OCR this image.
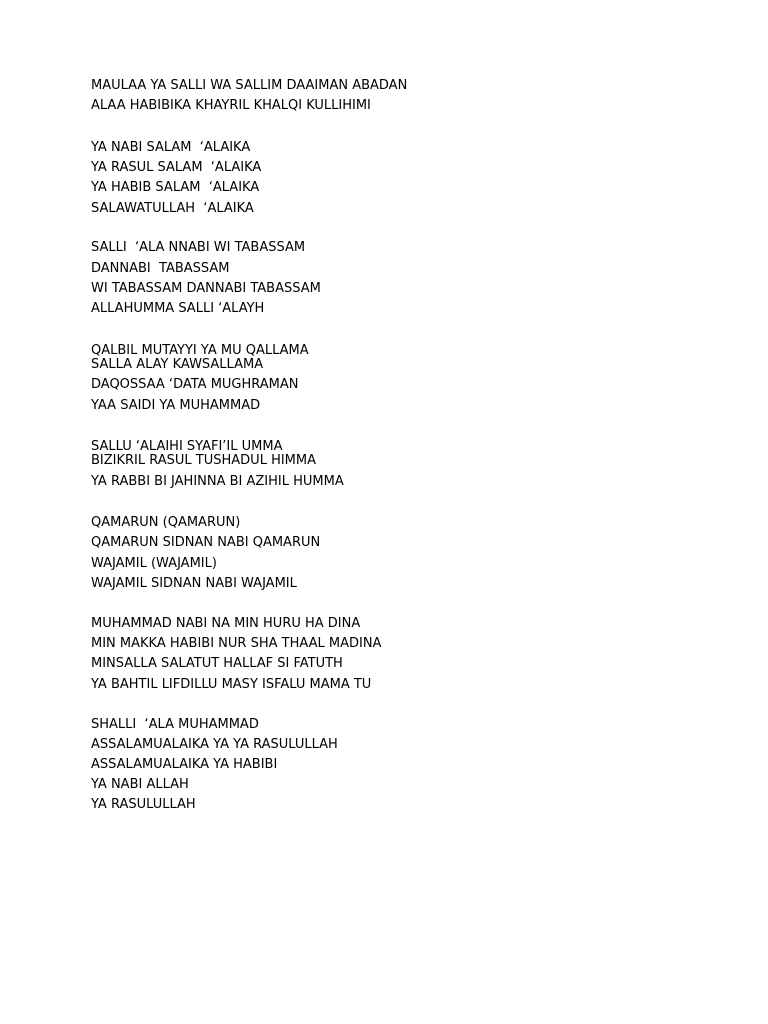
MAULAA YA SALLI WA SALLIM DAAIMAN ABADAN
ALAA HABIBIKA KHAYRIL KHALQI KULLIHIMI
YA NABI SALAM  ‘ALAIKA
YA RASUL SALAM  ‘ALAIKA
YA HABIB SALAM  ‘ALAIKA
SALAWATULLAH  ‘ALAIKA
SALLI  ‘ALA NNABI WI TABASSAM
DANNABI  TABASSAM
WI TABASSAM DANNABI TABASSAM
ALLAHUMMA SALLI ‘ALAYH
QALBIL MUTAYYI YA MU QALLAMA
SALLA ALAY KAWSALLAMA
DAQOSSAA ‘DATA MUGHRAMAN
YAA SAIDI YA MUHAMMAD
SALLU ‘ALAIHI SYAFI’IL UMMA
BIZIKRIL RASUL TUSHADUL HIMMA
YA RABBI BI JAHINNA BI AZIHIL HUMMA
QAMARUN (QAMARUN)
QAMARUN SIDNAN NABI QAMARUN
WAJAMIL (WAJAMIL)
WAJAMIL SIDNAN NABI WAJAMIL
MUHAMMAD NABI NA MIN HURU HA DINA
MIN MAKKA HABIBI NUR SHA THAAL MADINA
MINSALLA SALATUT HALLAF SI FATUTH
YA BAHTIL LIFDILLU MASY ISFALU MAMA TU
SHALLI  ‘ALA MUHAMMAD
ASSALAMUALAIKA YA YA RASULULLAH
ASSALAMUALAIKA YA HABIBI
YA NABI ALLAH
YA RASULULLAH
